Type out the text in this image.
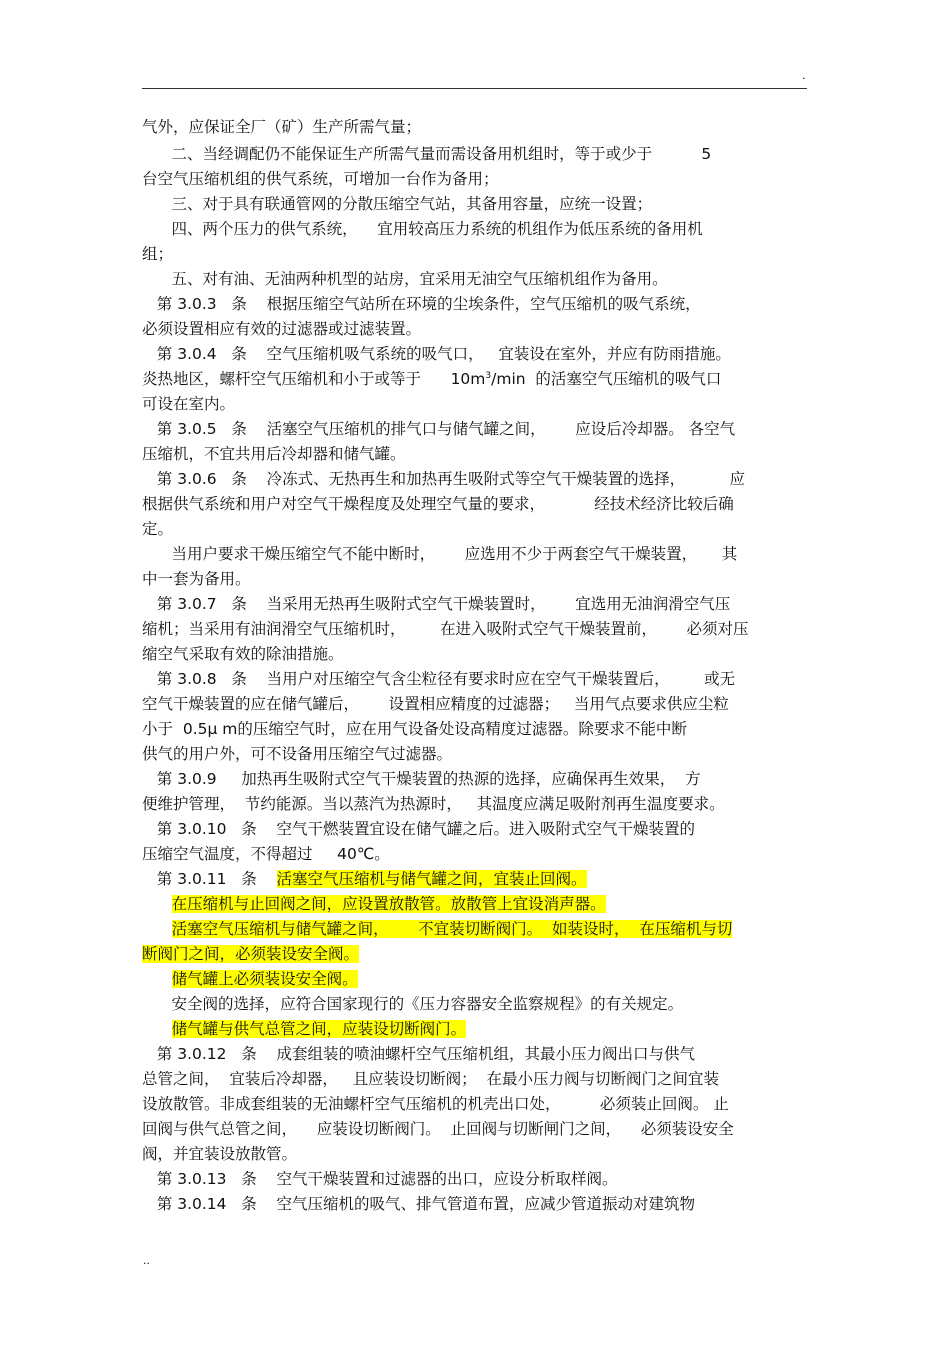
.
气外，应保证全厂（矿）生产所需气量；
二、当经调配仍不能保证生产所需气量而需设备用机组时，等于或少于          5
台空气压缩机组的供气系统，可增加一台作为备用；
三、对于具有联通管网的分散压缩空气站，其备用容量，应统一设置；
四、两个压力的供气系统，    宜用较高压力系统的机组作为低压系统的备用机
组；
五、对有油、无油两种机型的站房，宜采用无油空气压缩机组作为备用。
第 3.0.3   条    根据压缩空气站所在环境的尘埃条件，空气压缩机的吸气系统，
必须设置相应有效的过滤器或过滤装置。
第 3.0.4   条    空气压缩机吸气系统的吸气口，   宜装设在室外，并应有防雨措施。
炎热地区，螺杆空气压缩机和小于或等于      $10m^3/\min$  的活塞空气压缩机的吸气口
可设在室内。
第 3.0.5   条    活塞空气压缩机的排气口与储气罐之间，      应设后冷却器。 各空气
压缩机，不宜共用后冷却器和储气罐。
第 3.0.6   条    冷冻式、无热再生和加热再生吸附式等空气干燥装置的选择，         应
根据供气系统和用户对空气干燥程度及处理空气量的要求，          经技术经济比较后确
定。
当用户要求干燥压缩空气不能中断时，      应选用不少于两套空气干燥装置，     其
中一套为备用。
第 3.0.7   条    当采用无热再生吸附式空气干燥装置时，      宜选用无油润滑空气压
缩机；当采用有油润滑空气压缩机时，       在进入吸附式空气干燥装置前，      必须对压
缩空气采取有效的除油措施。
第 3.0.8   条    当用户对压缩空气含尘粒径有要求时应在空气干燥装置后，       或无
空气干燥装置的应在储气罐后，      设置相应精度的过滤器；   当用气点要求供应尘粒
小于  0.5μ m的压缩空气时，应在用气设备处设高精度过滤器。除要求不能中断
供气的用户外，可不设备用压缩空气过滤器。
第 3.0.9     加热再生吸附式空气干燥装置的热源的选择，应确保再生效果，  方
便维护管理，  节约能源。当以蒸汽为热源时，   其温度应满足吸附剂再生温度要求。
第 3.0.10   条    空气干燃装置宜设在储气罐之后。进入吸附式空气干燥装置的
压缩空气温度，不得超过     40℃。
第 3.0.11   条    活塞空气压缩机与储气罐之间，宜装止回阀。
在压缩机与止回阀之间，应设置放散管。放散管上宜设消声器。
活塞空气压缩机与储气罐之间，      不宜装切断阀门。  如装设时，  在压缩机与切
断阀门之间，必须装设安全阀。
储气罐上必须装设安全阀。
安全阀的选择，应符合国家现行的《压力容器安全监察规程》的有关规定。
储气罐与供气总管之间，应装设切断阀门。
第 3.0.12   条    成套组装的喷油螺杆空气压缩机组，其最小压力阀出口与供气
总管之间，  宜装后冷却器，   且应装设切断阀；  在最小压力阀与切断阀门之间宜装
设放散管。非成套组装的无油螺杆空气压缩机的机壳出口处，        必须装止回阀。 止
回阀与供气总管之间，    应装设切断阀门。  止回阀与切断闸门之间，    必须装设安全
阀，并宜装设放散管。
第 3.0.13   条    空气干燥装置和过滤器的出口，应设分析取样阀。
第 3.0.14   条    空气压缩机的吸气、排气管道布置，应减少管道振动对建筑物
..
